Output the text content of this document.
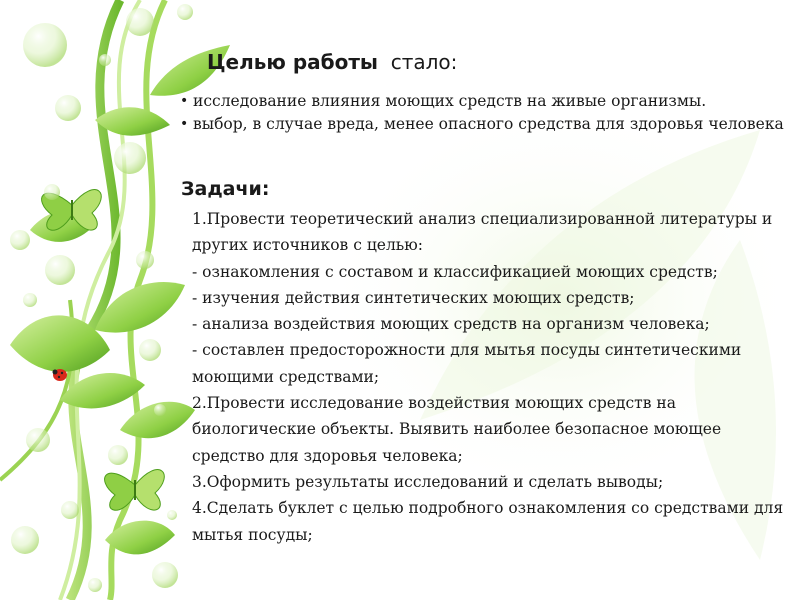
Целью работы стало:
• исследование влияния моющих средств на живые организмы.
• выбор, в случае вреда, менее опасного средства для здоровья человека
Задачи:

1.Провести теоретический анализ специализированной литературы и других источников с целью:

- ознакомления с составом и классификацией моющих средств;

- изучения действия синтетических моющих средств;

- анализа воздействия моющих средств на организм человека;

- составлен предосторожности для мытья посуды синтетическими моющими средствами;

2.Провести исследование воздействия моющих средств на биологические объекты. Выявить наиболее безопасное моющее средство для здоровья человека;

3.Оформить результаты исследований и сделать выводы;

4.Сделать буклет с целью подробного ознакомления со средствами для мытья посуды;
